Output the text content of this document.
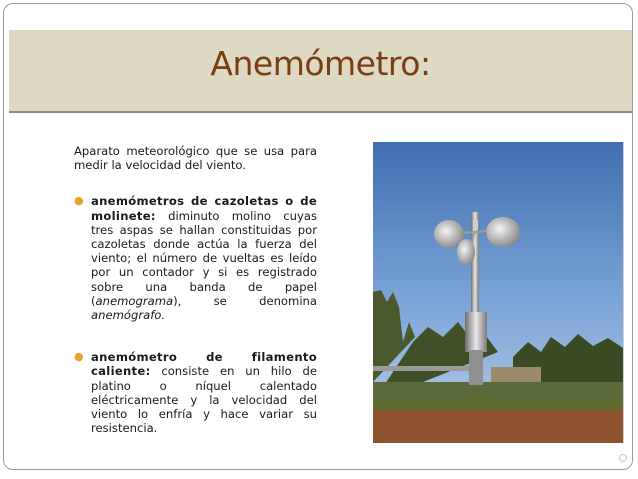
Anemómetro:
Aparato meteorológico que se usa para medir la velocidad del viento.
● anemómetros de cazoletas o de molinete: diminuto molino cuyas tres aspas se hallan constituidas por cazoletas donde actúa la fuerza del viento; el número de vueltas es leído por un contador y si es registrado sobre una banda de papel (anemograma), se denomina anemógrafo.
● anemómetro de filamento caliente: consiste en un hilo de platino o níquel calentado eléctricamente y la velocidad del viento lo enfría y hace variar su resistencia.
